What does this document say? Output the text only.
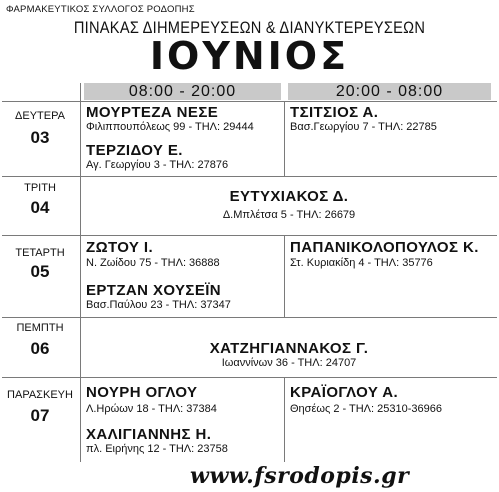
ΦΑΡΜΑΚΕΥΤΙΚΟΣ ΣΥΛΛΟΓΟΣ ΡΟΔΟΠΗΣ
ΠΙΝΑΚΑΣ ΔΙΗΜΕΡΕΥΣΕΩΝ & ΔΙΑΝΥΚΤΕΡΕΥΣΕΩΝ
ΙΟΥΝΙΟΣ
08:00 - 20:00	20:00 - 08:00
ΔΕΥΤΕΡΑ
03
ΜΟΥΡΤΕΖΑ ΝΕΣΕ
Φιλιππουπόλεως 99 - ΤΗΛ: 29444
ΤΕΡΖΙΔΟΥ Ε.
Αγ. Γεωργίου 3 - ΤΗΛ: 27876
ΤΣΙΤΣΙΟΣ Α.
Βασ.Γεωργίου 7 - ΤΗΛ: 22785
ΤΡΙΤΗ
04
ΕΥΤΥΧΙΑΚΟΣ Δ.
Δ.Μπλέτσα 5 - ΤΗΛ: 26679
ΤΕΤΑΡΤΗ
05
ΖΩΤΟΥ Ι.
Ν. Ζωίδου 75 - ΤΗΛ: 36888
ΕΡΤΖΑΝ ΧΟΥΣΕΪΝ
Βασ.Παύλου 23 - ΤΗΛ: 37347
ΠΑΠΑΝΙΚΟΛΟΠΟΥΛΟΣ Κ.
Στ. Κυριακίδη 4 - ΤΗΛ: 35776
ΠΕΜΠΤΗ
06	ΧΑΤΖΗΓΙΑΝΝΑΚΟΣ Γ.
Ιωαννίνων 36 - ΤΗΛ: 24707
ΠΑΡΑΣΚΕΥΗ
07
ΝΟΥΡΗ ΟΓΛΟΥ
Λ.Ηρώων 18 - ΤΗΛ: 37384
ΧΑΛΙΓΙΑΝΝΗΣ Η.
πλ. Ειρήνης 12 - ΤΗΛ: 23758
ΚΡΑΪΟΓΛΟΥ Α.
Θησέως 2 - ΤΗΛ: 25310-36966
www.fsrodopis.gr
